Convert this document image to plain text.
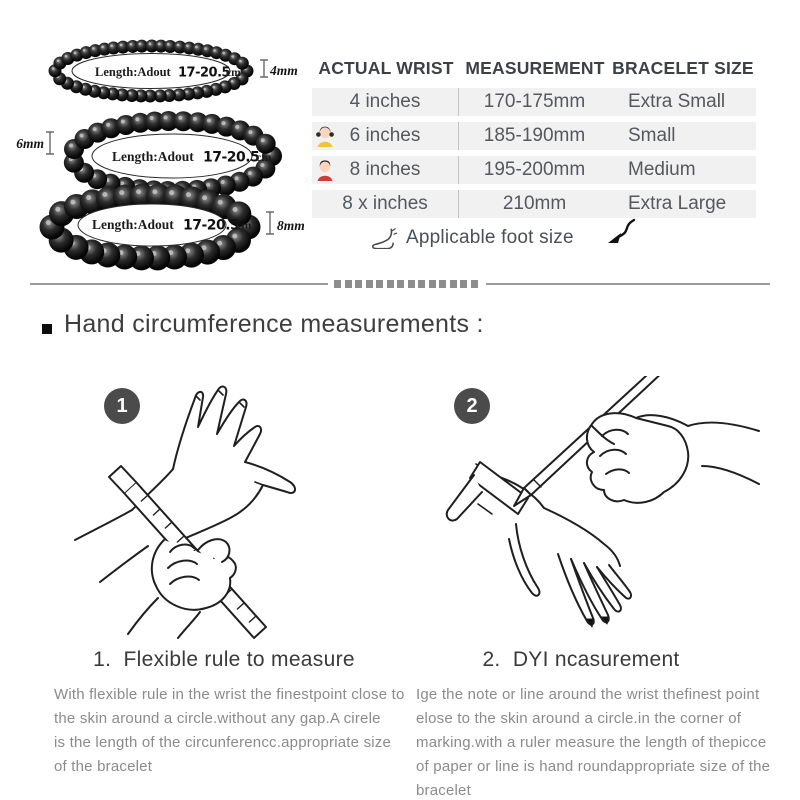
Length:Adout 17-20.5
cm 4mm
Length:Adout 17-20.5
cm
6mm
Length:Adout 17-20.5
cm 8mm
ACTUAL WRIST MEASUREMENT BRACELET SIZE
4 inches	170-175mm	Extra Small
6 inches	185-190mm	Small
8 inches	195-200mm	Medium
8 x inches	210mm	Extra Large
Applicable foot size
Hand circumference measurements :
1	2
1.  Flexible rule to measure
With flexible rule in the wrist the finestpoint close to
the skin around a circle.without any gap.A cirele
is the length of the circunferencc.appropriate size
of the bracelet
2.  DYI ncasurement
Ige the note or line around the wrist thefinest point
elose to the skin around a circle.in the corner of
marking.with a ruler measure the length of thepicce
of paper or line is hand roundappropriate size of the
bracelet
